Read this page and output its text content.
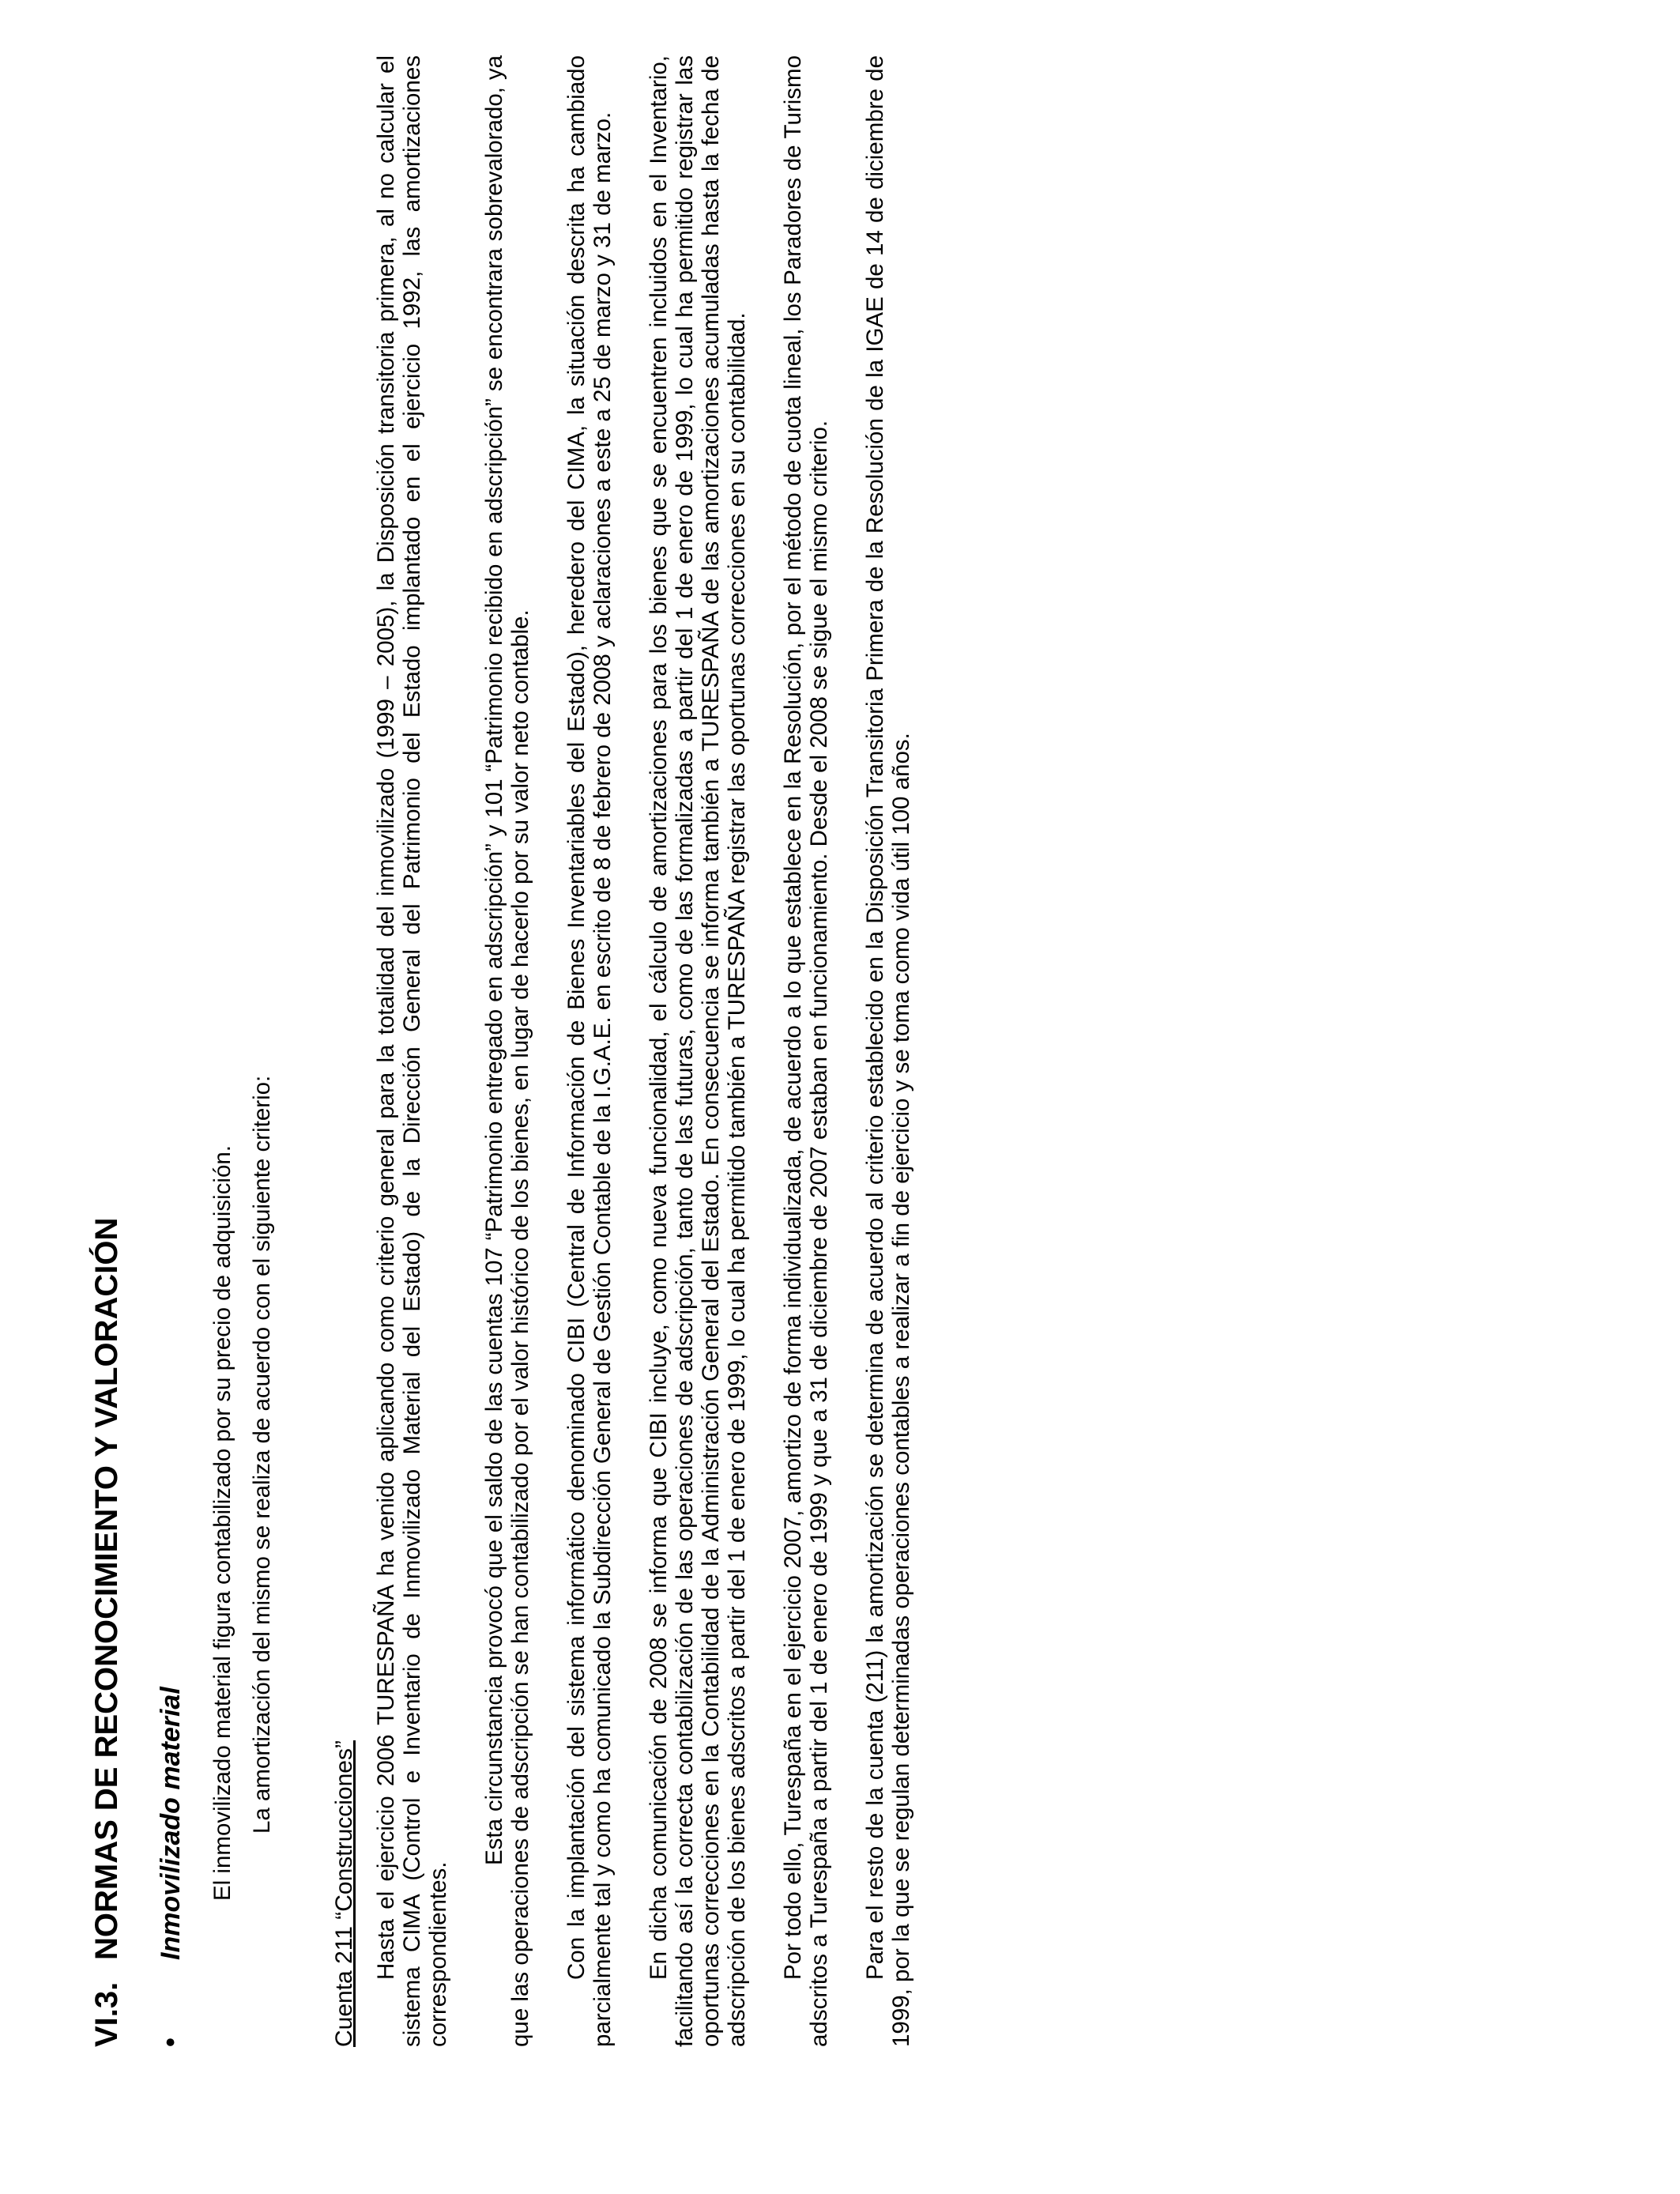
VI.3.NORMAS DE RECONOCIMIENTO Y VALORACIÓN
•Inmovilizado material El inmovilizado material figura contabilizado por su precio de adquisición. La amortización del mismo se realiza de acuerdo con el siguiente criterio:

Cuenta 211 “Construcciones” Hasta el ejercicio 2006 TURESPAÑA ha venido aplicando como criterio general para la totalidad del inmovilizado (1999 – 2005), la Disposición transitoria primera, al no calcular el sistema CIMA (Control e Inventario de Inmovilizado Material del Estado) de la Dirección General del Patrimonio del Estado implantado en el ejercicio 1992, las amortizaciones correspondientes.

Esta circunstancia provocó que el saldo de las cuentas 107 “Patrimonio entregado en adscripción” y 101 “Patrimonio recibido en adscripción” se encontrara sobrevalorado, ya que las operaciones de adscripción se han contabilizado por el valor histórico de los bienes, en lugar de hacerlo por su valor neto contable. Con la implantación del sistema informático denominado CIBI (Central de Información de Bienes Inventariables del Estado), heredero del CIMA, la situación descrita ha cambiado parcialmente tal y como ha comunicado la Subdirección General de Gestión Contable de la I.G.A.E. en escrito de 8 de febrero de 2008 y aclaraciones a este a 25 de marzo y 31 de marzo. En dicha comunicación de 2008 se informa que CIBI incluye, como nueva funcionalidad, el cálculo de amortizaciones para los bienes que se encuentren incluidos en el Inventario, facilitando así la correcta contabilización de las operaciones de adscripción, tanto de las futuras, como de las formalizadas a partir del 1 de enero de 1999, lo cual ha permitido registrar las oportunas correcciones en la Contabilidad de la Administración General del Estado. En consecuencia se informa también a TURESPAÑA de las amortizaciones acumuladas hasta la fecha de adscripción de los bienes adscritos a partir del 1 de enero de 1999, lo cual ha permitido también a TURESPAÑA registrar las oportunas correcciones en su contabilidad. Por todo ello, Turespaña en el ejercicio 2007, amortizo de forma individualizada, de acuerdo a lo que establece en la Resolución, por el método de cuota lineal, los Paradores de Turismo adscritos a Turespaña a partir del 1 de enero de 1999 y que a 31 de diciembre de 2007 estaban en funcionamiento. Desde el 2008 se sigue el mismo criterio. Para el resto de la cuenta (211) la amortización se determina de acuerdo al criterio establecido en la Disposición Transitoria Primera de la Resolución de la IGAE de 14 de diciembre de 1999, por la que se regulan determinadas operaciones contables a realizar a fin de ejercicio y se toma como vida útil 100 años.
